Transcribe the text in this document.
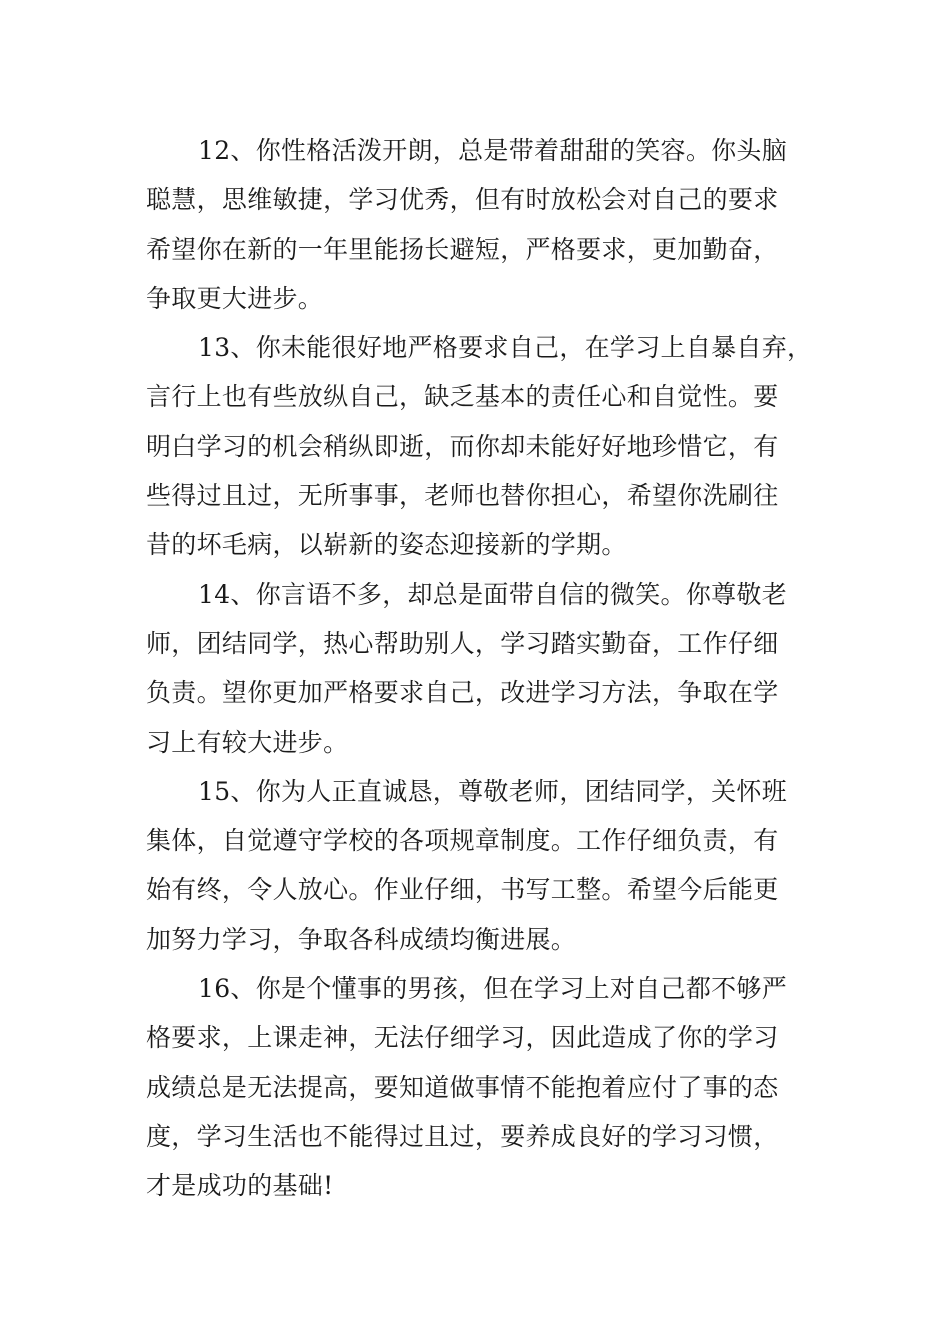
12、你性格活泼开朗，总是带着甜甜的笑容。你头脑
聪慧，思维敏捷，学习优秀，但有时放松会对自己的要求
希望你在新的一年里能扬长避短，严格要求，更加勤奋，
争取更大进步。
13、你未能很好地严格要求自己，在学习上自暴自弃，
言行上也有些放纵自己，缺乏基本的责任心和自觉性。要
明白学习的机会稍纵即逝，而你却未能好好地珍惜它，有
些得过且过，无所事事，老师也替你担心，希望你洗刷往
昔的坏毛病，以崭新的姿态迎接新的学期。
14、你言语不多，却总是面带自信的微笑。你尊敬老
师，团结同学，热心帮助别人，学习踏实勤奋，工作仔细
负责。望你更加严格要求自己，改进学习方法，争取在学
习上有较大进步。
15、你为人正直诚恳，尊敬老师，团结同学，关怀班
集体，自觉遵守学校的各项规章制度。工作仔细负责，有
始有终，令人放心。作业仔细，书写工整。希望今后能更
加努力学习，争取各科成绩均衡进展。
16、你是个懂事的男孩，但在学习上对自己都不够严
格要求，上课走神，无法仔细学习，因此造成了你的学习
成绩总是无法提高，要知道做事情不能抱着应付了事的态
度，学习生活也不能得过且过，要养成良好的学习习惯，
才是成功的基础!
